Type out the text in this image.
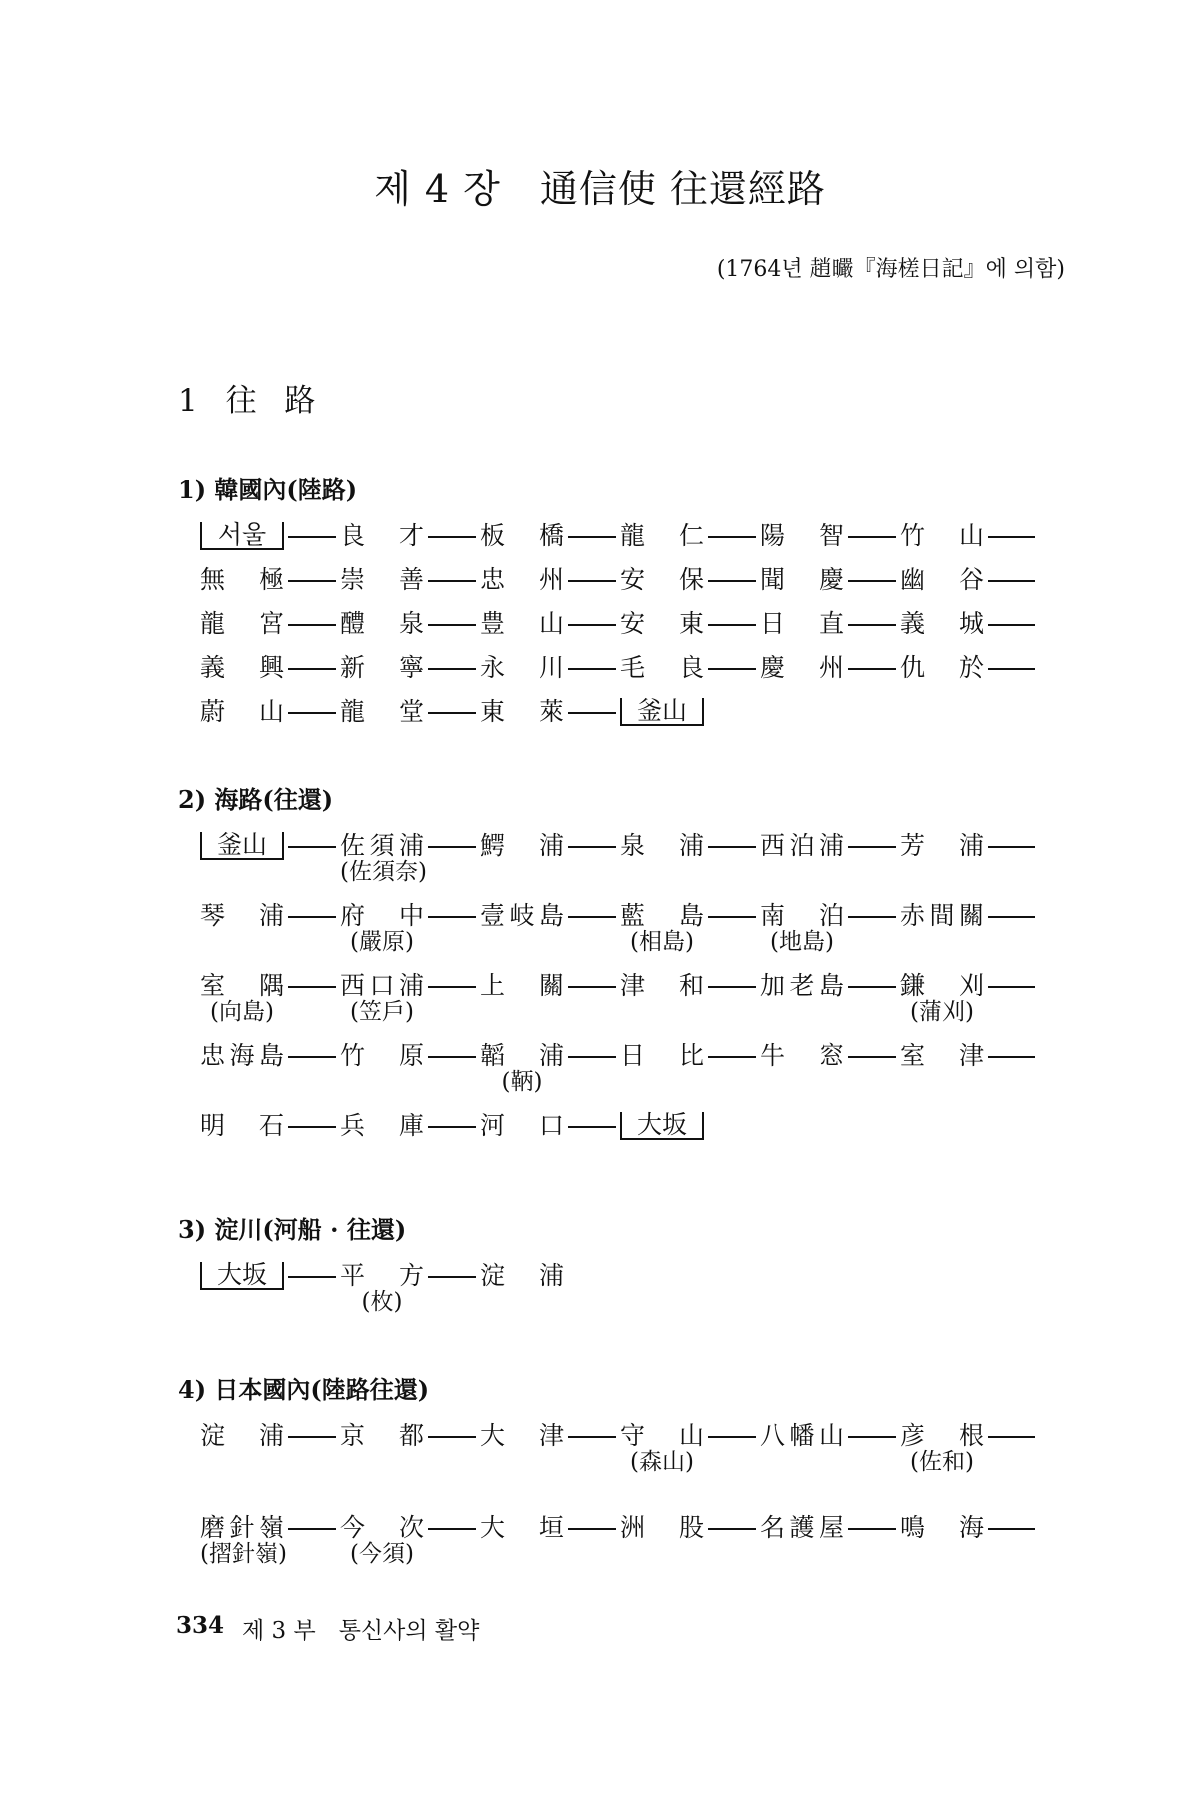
제 4 장　通信使 往還經路
(1764년 趙曮『海槎日記』에 의함)
1 往 路
1) 韓國內(陸路)
서울	良才 板橋 龍仁 陽智 竹山
無極 崇善 忠州 安保 聞慶 幽谷
龍宮 醴泉 豊山 安東 日直 義城
義興 新寧 永川 毛良 慶州 仇於
蔚山 龍堂 東萊	釜山
2) 海路(往還)
釜山	佐須浦
(佐須奈)
鰐浦 泉浦 西泊浦 芳浦
琴浦 府中
(嚴原)
壹岐島 藍島
(相島)
南泊
(地島)
赤間關
室隅
(向島)
西口浦
(笠戶)
上關 津和 加老島 鎌刈
(蒲刈)
忠海島 竹原 韜浦
(鞆)
日比 牛窓 室津
明石 兵庫 河口	大坂
3) 淀川(河船 · 往還)
大坂	平方
(枚)
淀浦
4) 日本國內(陸路往還)
淀浦 京都 大津 守山
(森山)
八幡山 彦根
(佐和)
磨針嶺
(摺針嶺)
今次
(今須)
大垣 洲股 名護屋 鳴海
334 제 3 부　통신사의 활약
